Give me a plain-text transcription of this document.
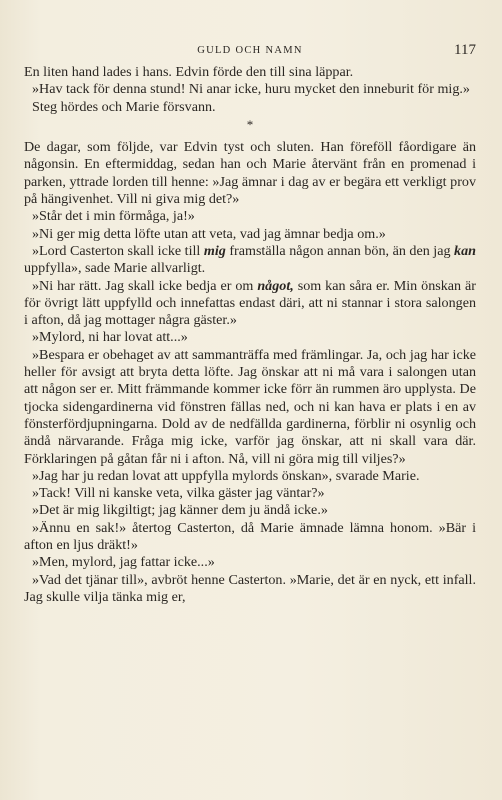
GULD OCH NAMN	117

En liten hand lades i hans. Edvin förde den till sina läppar.

»Hav tack för denna stund! Ni anar icke, huru mycket den inneburit för mig.»

Steg hördes och Marie försvann.

*

De dagar, som följde, var Edvin tyst och sluten. Han föreföll fåordigare än någonsin. En eftermiddag, sedan han och Marie återvänt från en promenad i parken, yttrade lorden till henne: »Jag ämnar i dag av er begära ett verkligt prov på hängivenhet. Vill ni giva mig det?»

»Står det i min förmåga, ja!»

»Ni ger mig detta löfte utan att veta, vad jag ämnar bedja om.»

»Lord Casterton skall icke till mig framställa någon annan bön, än den jag kan uppfylla», sade Marie allvarligt.

»Ni har rätt. Jag skall icke bedja er om något, som kan såra er. Min önskan är för övrigt lätt uppfylld och innefattas endast däri, att ni stannar i stora salongen i afton, då jag mottager några gäster.»

»Mylord, ni har lovat att...»

»Bespara er obehaget av att sammanträffa med främlingar. Ja, och jag har icke heller för avsigt att bryta detta löfte. Jag önskar att ni må vara i salongen utan att någon ser er. Mitt främmande kommer icke förr än rummen äro upplysta. De tjocka sidengardinerna vid fönstren fällas ned, och ni kan hava er plats i en av fönsterfördjupningarna. Dold av de nedfällda gardinerna, förblir ni osynlig och ändå närvarande. Fråga mig icke, varför jag önskar, att ni skall vara där. Förklaringen på gåtan får ni i afton. Nå, vill ni göra mig till viljes?»

»Jag har ju redan lovat att uppfylla mylords önskan», svarade Marie.

»Tack! Vill ni kanske veta, vilka gäster jag väntar?»

»Det är mig likgiltigt; jag känner dem ju ändå icke.»

»Ännu en sak!» återtog Casterton, då Marie ämnade lämna honom. »Bär i afton en ljus dräkt!»

»Men, mylord, jag fattar icke...»

»Vad det tjänar till», avbröt henne Casterton. »Marie, det är en nyck, ett infall. Jag skulle vilja tänka mig er,
